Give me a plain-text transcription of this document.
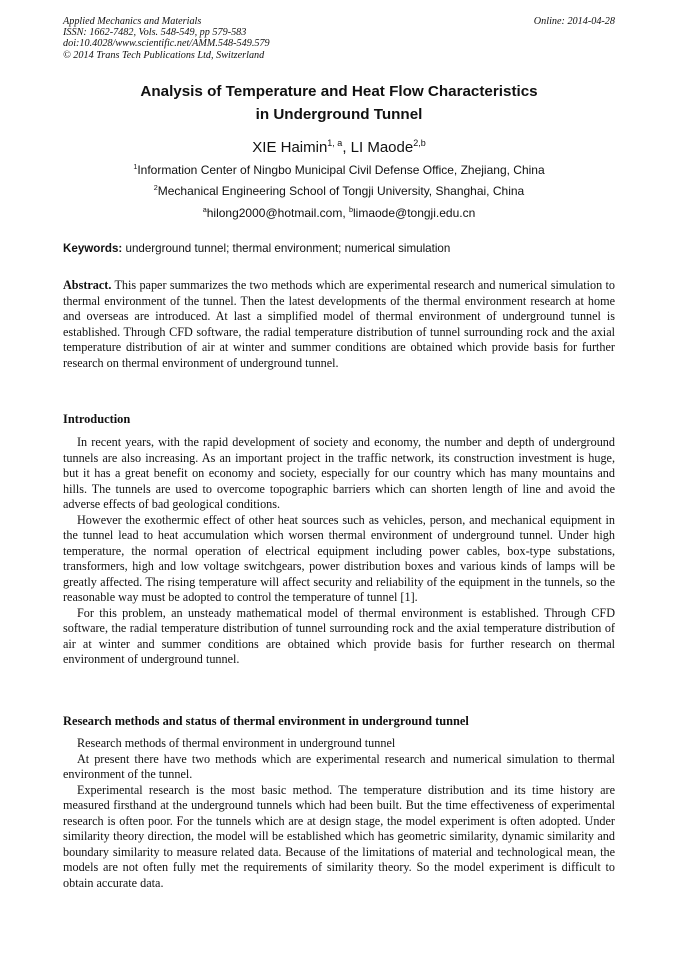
Applied Mechanics and Materials
ISSN: 1662-7482, Vols. 548-549, pp 579-583
doi:10.4028/www.scientific.net/AMM.548-549.579
© 2014 Trans Tech Publications Ltd, Switzerland
Online: 2014-04-28
Analysis of Temperature and Heat Flow Characteristics
in Underground Tunnel
XIE Haimin$^{1, a}$, LI Maode$^{2,b}$
$^1$Information Center of Ningbo Municipal Civil Defense Office, Zhejiang, China
$^2$Mechanical Engineering School of Tongji University, Shanghai, China
$^a$hilong2000@hotmail.com, $^b$limaode@tongji.edu.cn
Keywords: underground tunnel; thermal environment; numerical simulation

Abstract. This paper summarizes the two methods which are experimental research and numerical simulation to thermal environment of the tunnel. Then the latest developments of the thermal environment research at home and overseas are introduced. At last a simplified model of thermal environment of underground tunnel is established. Through CFD software, the radial temperature distribution of tunnel surrounding rock and the axial temperature distribution of air at winter and summer conditions are obtained which provide basis for further research on thermal environment of underground tunnel.

Introduction

In recent years, with the rapid development of society and economy, the number and depth of underground tunnels are also increasing. As an important project in the traffic network, its construction investment is huge, but it has a great benefit on economy and society, especially for our country which has many mountains and hills. The tunnels are used to overcome topographic barriers which can shorten length of line and avoid the adverse effects of bad geological conditions.

However the exothermic effect of other heat sources such as vehicles, person, and mechanical equipment in the tunnel lead to heat accumulation which worsen thermal environment of underground tunnel. Under high temperature, the normal operation of electrical equipment including power cables, box-type substations, transformers, high and low voltage switchgears, power distribution boxes and various kinds of lamps will be greatly affected. The rising temperature will affect security and reliability of the equipment in the tunnels, so the reasonable way must be adopted to control the temperature of tunnel [1].

For this problem, an unsteady mathematical model of thermal environment is established. Through CFD software, the radial temperature distribution of tunnel surrounding rock and the axial temperature distribution of air at winter and summer conditions are obtained which provide basis for further research on thermal environment of underground tunnel.

Research methods and status of thermal environment in underground tunnel

Research methods of thermal environment in underground tunnel

At present there have two methods which are experimental research and numerical simulation to thermal environment of the tunnel.

Experimental research is the most basic method. The temperature distribution and its time history are measured firsthand at the underground tunnels which had been built. But the time effectiveness of experimental research is often poor. For the tunnels which are at design stage, the model experiment is often adopted. Under similarity theory direction, the model will be established which has geometric similarity, dynamic similarity and boundary similarity to measure related data. Because of the limitations of material and technological mean, the models are not often fully met the requirements of similarity theory. So the model experiment is difficult to obtain accurate data.
